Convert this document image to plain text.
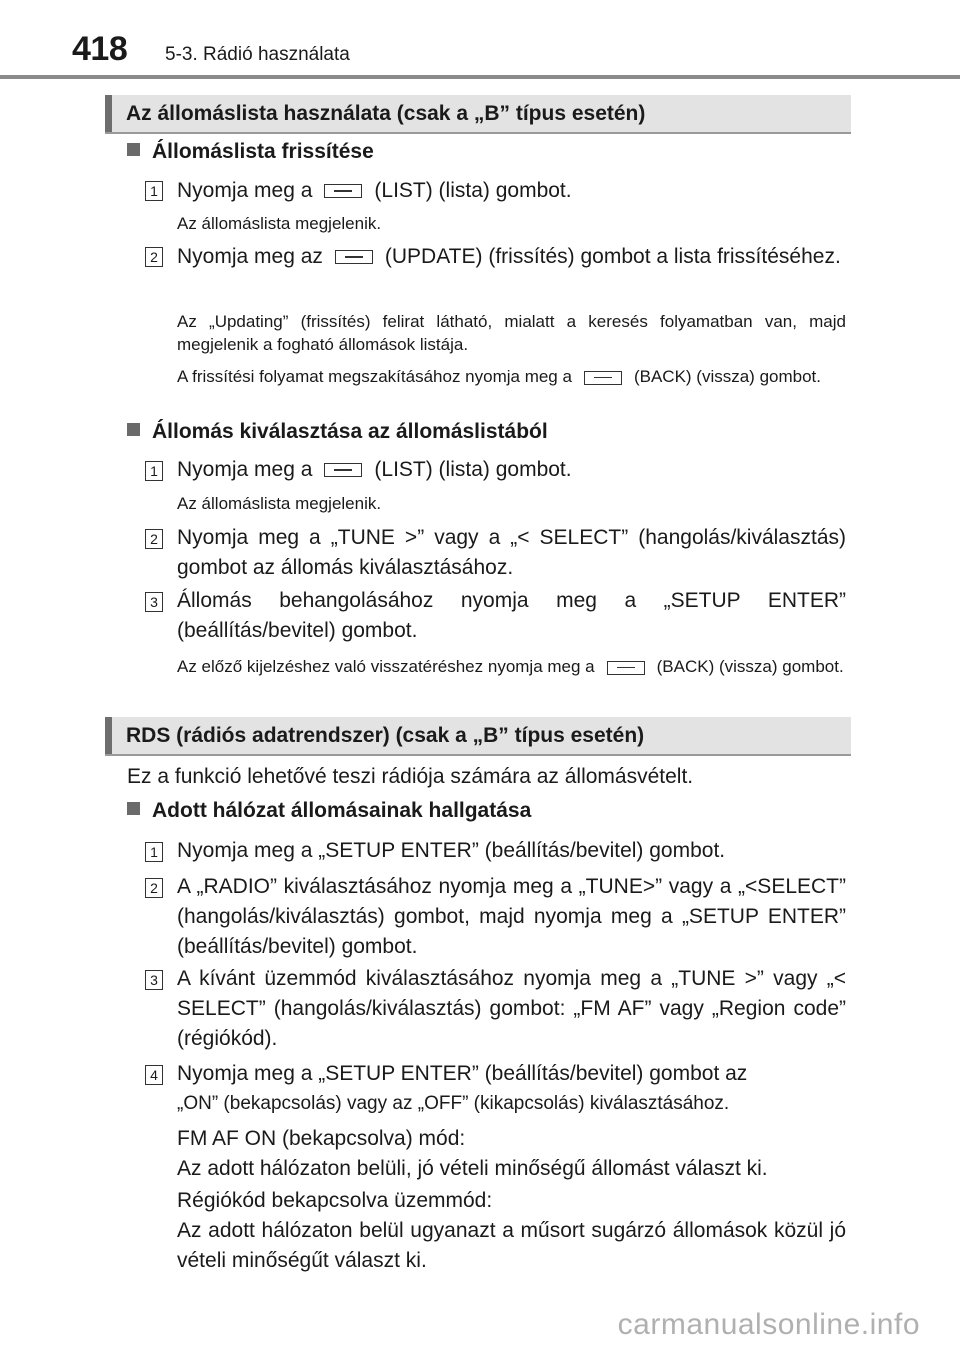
418 5-3. Rádió használata
Az állomáslista használata (csak a „B” típus esetén)
Állomáslista frissítése
1 Nyomja meg a	(LIST) (lista) gombot.
Az állomáslista megjelenik.
2 Nyomja meg az	(UPDATE) (frissítés) gombot a lista frissítéséhez.
Az „Updating” (frissítés) felirat látható, mialatt a keresés folyamatban van, majd megjelenik a fogható állomások listája.
A frissítési folyamat megszakításához nyomja meg a	(BACK) (vissza) gombot.
Állomás kiválasztása az állomáslistából
1 Nyomja meg a	(LIST) (lista) gombot.
Az állomáslista megjelenik.
2 Nyomja meg a „TUNE >” vagy a „< SELECT” (hangolás/kiválasztás) gombot az állomás kiválasztásához.
3 Állomás behangolásához nyomja meg a „SETUP ENTER” (beállítás/bevitel) gombot.
Az előző kijelzéshez való visszatéréshez nyomja meg a	(BACK) (vissza) gombot.
RDS (rádiós adatrendszer) (csak a „B” típus esetén)
Ez a funkció lehetővé teszi rádiója számára az állomásvételt.
Adott hálózat állomásainak hallgatása
1 Nyomja meg a „SETUP ENTER” (beállítás/bevitel) gombot.
2 A „RADIO” kiválasztásához nyomja meg a „TUNE>” vagy a „<SELECT” (hangolás/kiválasztás) gombot, majd nyomja meg a „SETUP ENTER” (beállítás/bevitel) gombot.
3 A kívánt üzemmód kiválasztásához nyomja meg a „TUNE >” vagy „< SELECT” (hangolás/kiválasztás) gombot: „FM AF” vagy „Region code” (régiókód).
4 Nyomja meg a „SETUP ENTER” (beállítás/bevitel) gombot az
„ON” (bekapcsolás) vagy az „OFF” (kikapcsolás) kiválasztásához.
FM AF ON (bekapcsolva) mód:
Az adott hálózaton belüli, jó vételi minőségű állomást választ ki.
Régiókód bekapcsolva üzemmód:
Az adott hálózaton belül ugyanazt a műsort sugárzó állomások közül jó vételi minőségűt választ ki.
carmanualsonline.info
